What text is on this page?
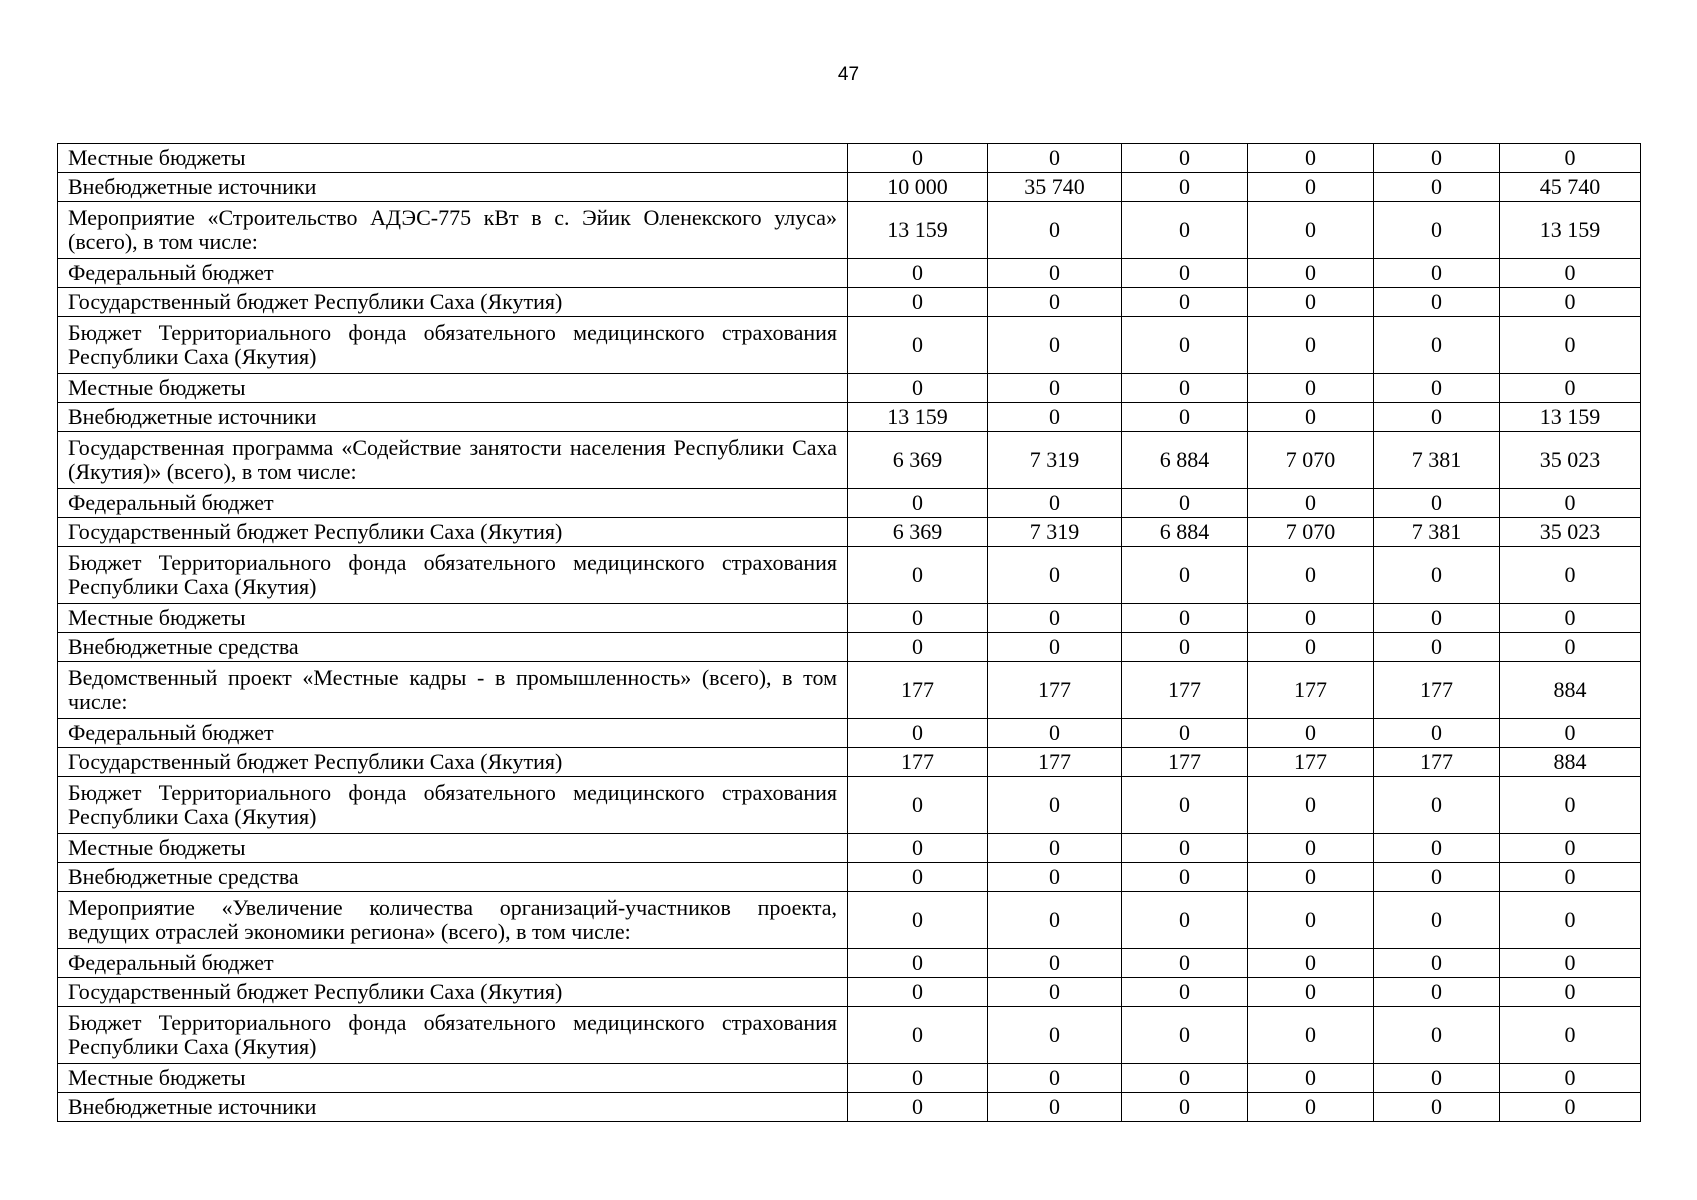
47
Местные бюджеты	0	0	0	0	0	0
Внебюджетные источники	10 000	35 740	0	0	0	45 740
Мероприятие «Строительство АДЭС-775 кВт в с. Эйик Оленекского улуса» (всего), в том числе:	13 159	0	0	0	0	13 159
Федеральный бюджет	0	0	0	0	0	0
Государственный бюджет Республики Саха (Якутия)	0	0	0	0	0	0
Бюджет Территориального фонда обязательного медицинского страхования Республики Саха (Якутия)	0	0	0	0	0	0
Местные бюджеты	0	0	0	0	0	0
Внебюджетные источники	13 159	0	0	0	0	13 159
Государственная программа «Содействие занятости населения Республики Саха (Якутия)» (всего), в том числе:	6 369	7 319	6 884	7 070	7 381	35 023
Федеральный бюджет	0	0	0	0	0	0
Государственный бюджет Республики Саха (Якутия)	6 369	7 319	6 884	7 070	7 381	35 023
Бюджет Территориального фонда обязательного медицинского страхования Республики Саха (Якутия)	0	0	0	0	0	0
Местные бюджеты	0	0	0	0	0	0
Внебюджетные средства	0	0	0	0	0	0
Ведомственный проект «Местные кадры - в промышленность» (всего), в том числе:	177	177	177	177	177	884
Федеральный бюджет	0	0	0	0	0	0
Государственный бюджет Республики Саха (Якутия)	177	177	177	177	177	884
Бюджет Территориального фонда обязательного медицинского страхования Республики Саха (Якутия)	0	0	0	0	0	0
Местные бюджеты	0	0	0	0	0	0
Внебюджетные средства	0	0	0	0	0	0
Мероприятие «Увеличение количества организаций-участников проекта, ведущих отраслей экономики региона» (всего), в том числе:	0	0	0	0	0	0
Федеральный бюджет	0	0	0	0	0	0
Государственный бюджет Республики Саха (Якутия)	0	0	0	0	0	0
Бюджет Территориального фонда обязательного медицинского страхования Республики Саха (Якутия)	0	0	0	0	0	0
Местные бюджеты	0	0	0	0	0	0
Внебюджетные источники	0	0	0	0	0	0
